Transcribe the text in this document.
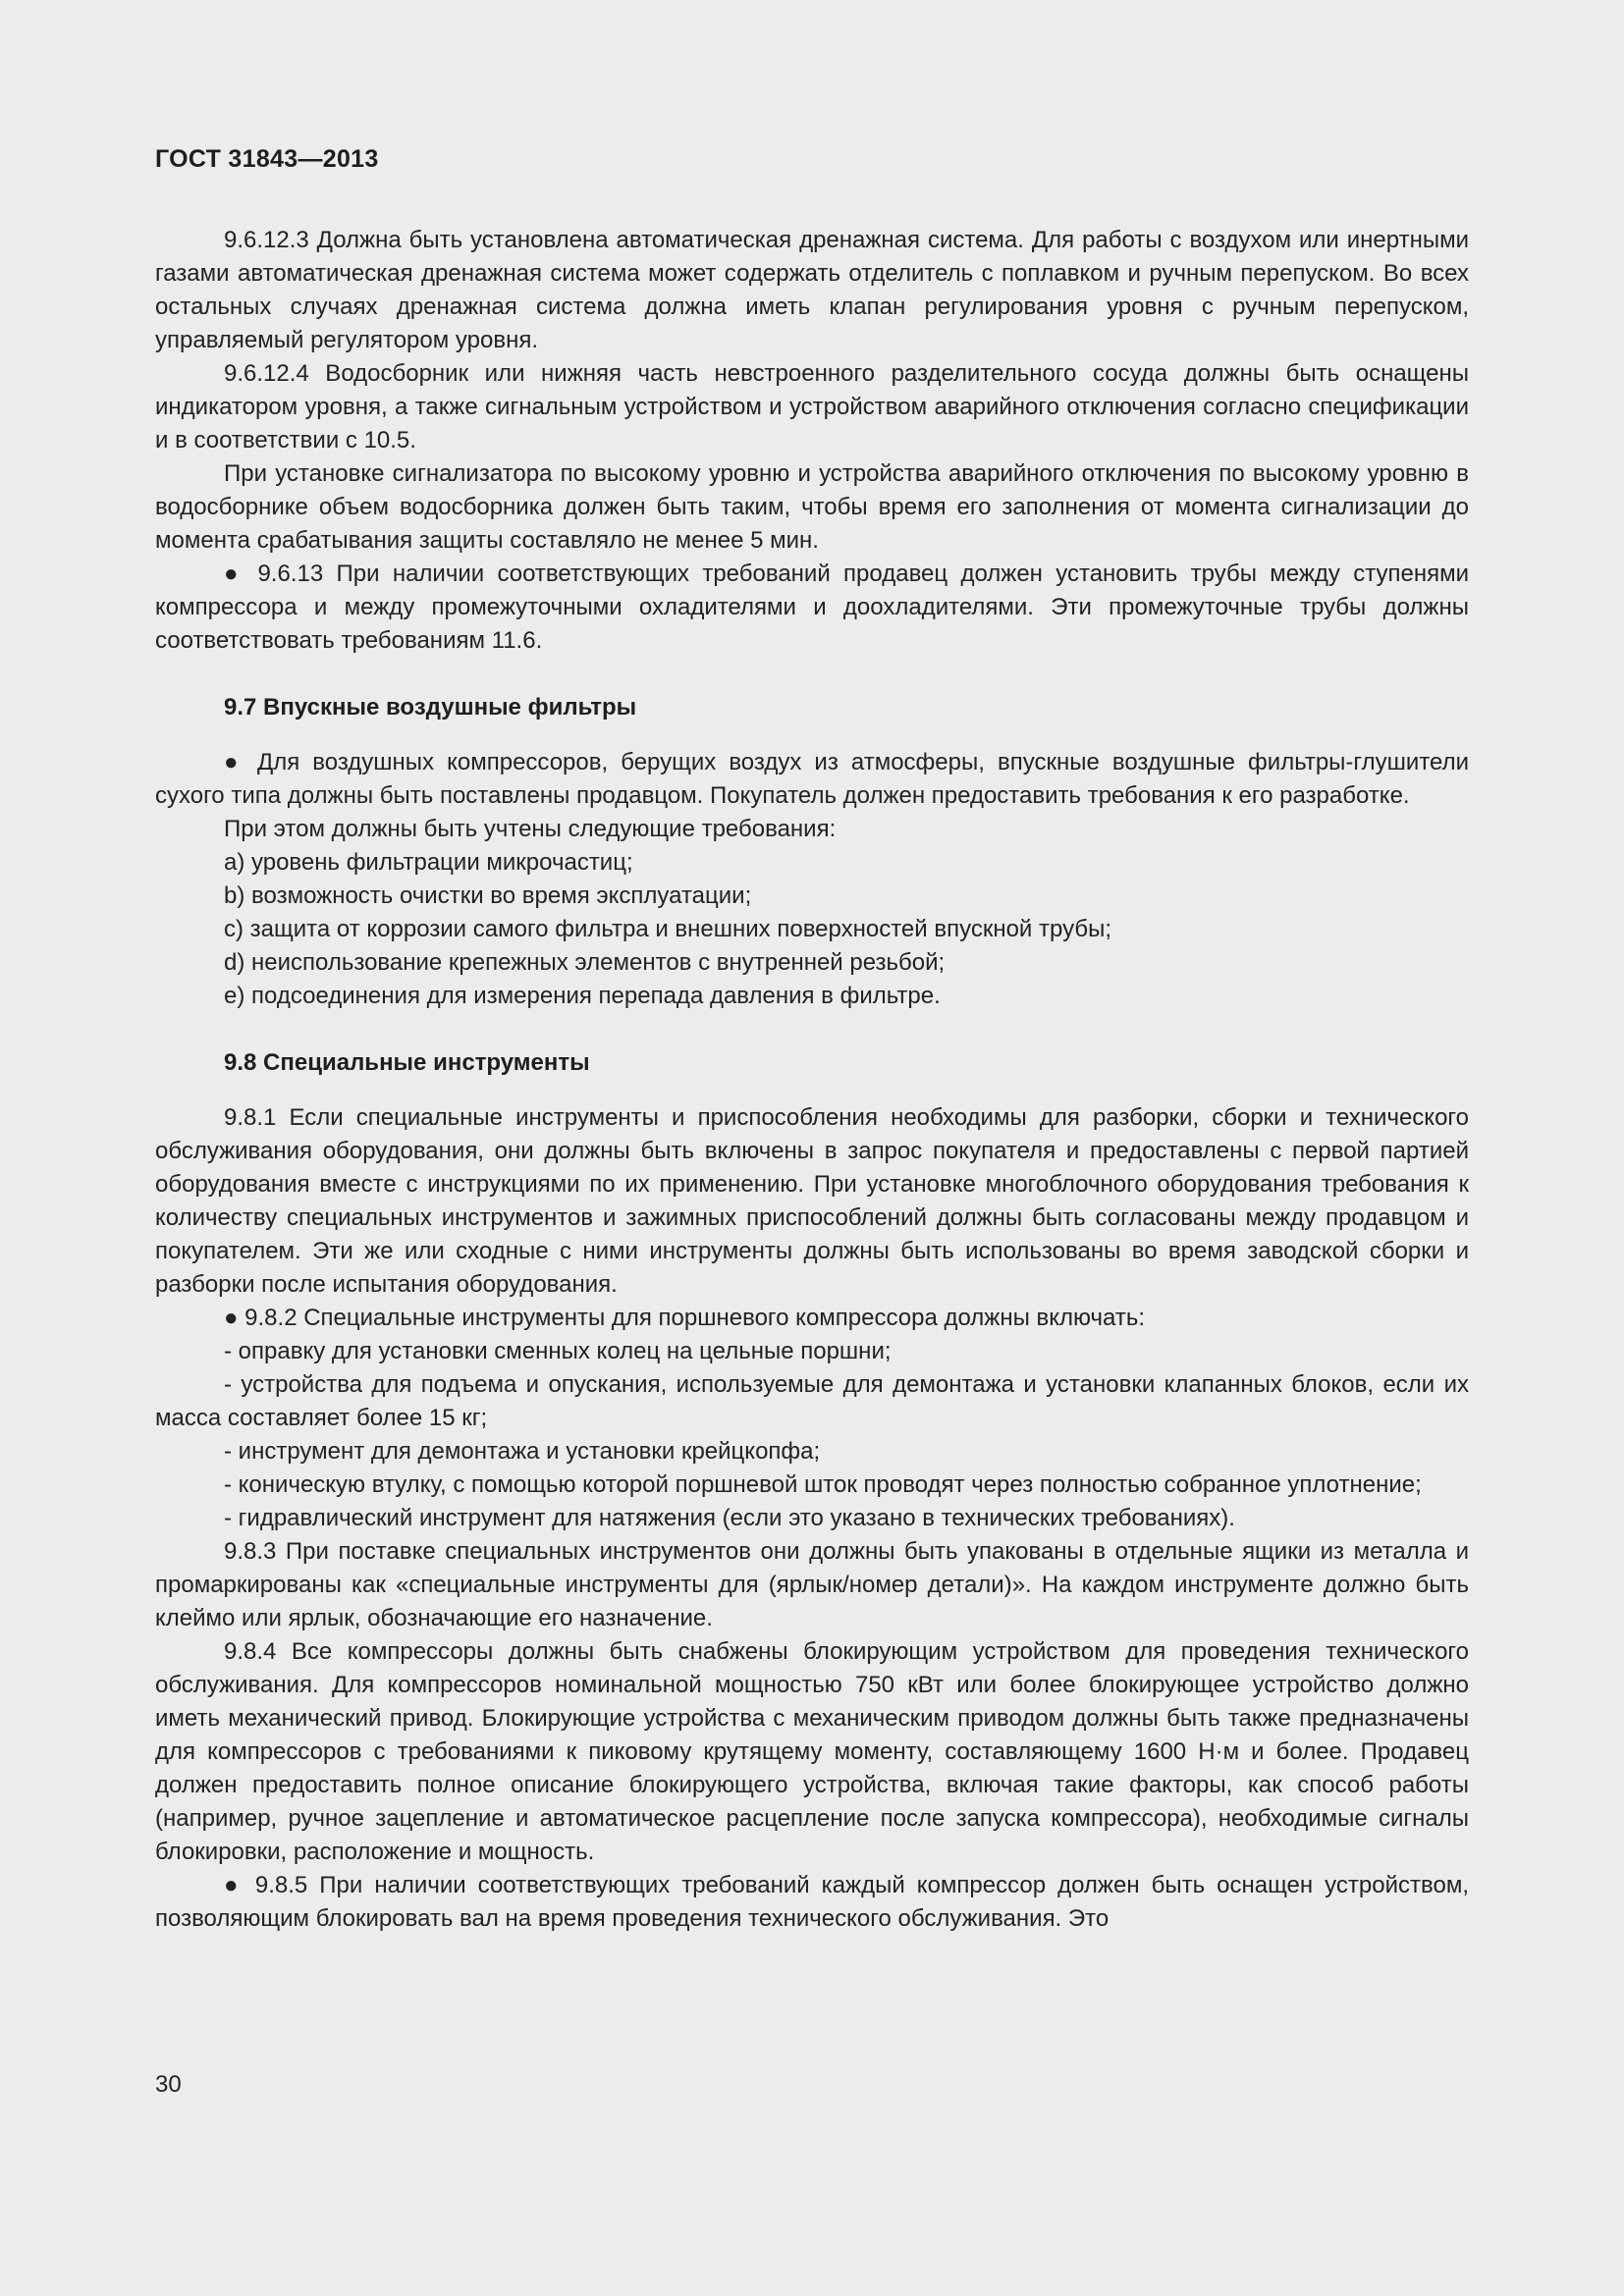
ГОСТ 31843—2013

9.6.12.3 Должна быть установлена автоматическая дренажная система. Для работы с воздухом или инертными газами автоматическая дренажная система может содержать отделитель с поплавком и ручным перепуском. Во всех остальных случаях дренажная система должна иметь клапан регулирования уровня с ручным перепуском, управляемый регулятором уровня.

9.6.12.4 Водосборник или нижняя часть невстроенного разделительного сосуда должны быть оснащены индикатором уровня, а также сигнальным устройством и устройством аварийного отключения согласно спецификации и в соответствии с 10.5.

При установке сигнализатора по высокому уровню и устройства аварийного отключения по высокому уровню в водосборнике объем водосборника должен быть таким, чтобы время его заполнения от момента сигнализации до момента срабатывания защиты составляло не менее 5 мин.

● 9.6.13 При наличии соответствующих требований продавец должен установить трубы между ступенями компрессора и между промежуточными охладителями и доохладителями. Эти промежуточные трубы должны соответствовать требованиям 11.6.

9.7 Впускные воздушные фильтры

● Для воздушных компрессоров, берущих воздух из атмосферы, впускные воздушные фильтры-глушители сухого типа должны быть поставлены продавцом. Покупатель должен предоставить требования к его разработке.

При этом должны быть учтены следующие требования:

a) уровень фильтрации микрочастиц;

b) возможность очистки во время эксплуатации;

c) защита от коррозии самого фильтра и внешних поверхностей впускной трубы;

d) неиспользование крепежных элементов с внутренней резьбой;

e) подсоединения для измерения перепада давления в фильтре.

9.8 Специальные инструменты

9.8.1 Если специальные инструменты и приспособления необходимы для разборки, сборки и технического обслуживания оборудования, они должны быть включены в запрос покупателя и предоставлены с первой партией оборудования вместе с инструкциями по их применению. При установке многоблочного оборудования требования к количеству специальных инструментов и зажимных приспособлений должны быть согласованы между продавцом и покупателем. Эти же или сходные с ними инструменты должны быть использованы во время заводской сборки и разборки после испытания оборудования.

● 9.8.2 Специальные инструменты для поршневого компрессора должны включать:

- оправку для установки сменных колец на цельные поршни;

- устройства для подъема и опускания, используемые для демонтажа и установки клапанных блоков, если их масса составляет более 15 кг;

- инструмент для демонтажа и установки крейцкопфа;

- коническую втулку, с помощью которой поршневой шток проводят через полностью собранное уплотнение;

- гидравлический инструмент для натяжения (если это указано в технических требованиях).

9.8.3 При поставке специальных инструментов они должны быть упакованы в отдельные ящики из металла и промаркированы как «специальные инструменты для (ярлык/номер детали)». На каждом инструменте должно быть клеймо или ярлык, обозначающие его назначение.

9.8.4 Все компрессоры должны быть снабжены блокирующим устройством для проведения технического обслуживания. Для компрессоров номинальной мощностью 750 кВт или более блокирующее устройство должно иметь механический привод. Блокирующие устройства с механическим приводом должны быть также предназначены для компрессоров с требованиями к пиковому крутящему моменту, составляющему 1600 Н·м и более. Продавец должен предоставить полное описание блокирующего устройства, включая такие факторы, как способ работы (например, ручное зацепление и автоматическое расцепление после запуска компрессора), необходимые сигналы блокировки, расположение и мощность.

● 9.8.5 При наличии соответствующих требований каждый компрессор должен быть оснащен устройством, позволяющим блокировать вал на время проведения технического обслуживания. Это

30
